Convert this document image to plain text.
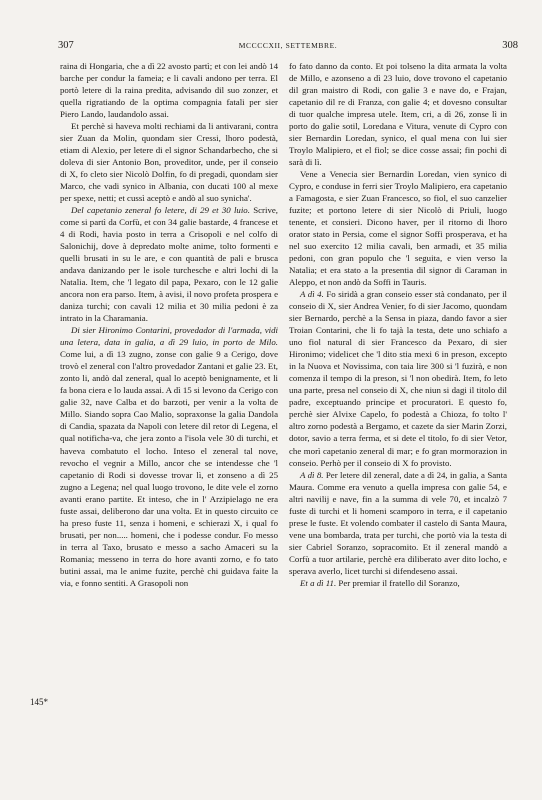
307	MCCCCXII, SETTEMBRE.	308

raina di Hongaria, che a dì 22 avosto partì; et con lei andò 14 barche per condur la fameia; e li cavali andono per terra. El portò letere di la raina predita, advisando dil suo zonzer, et quella rigratiando de la optima compagnia fatali per sier Piero Lando, laudandolo assai.

Et perchè si haveva molti rechiami da li antivarani, contra sier Zuan da Molin, quondam sier Cressi, lhoro podestà, etiam di Alexio, per letere di el signor Schandarbecho, che si doleva di sier Antonio Bon, proveditor, unde, per il conseio di X, fo cleto sier Nicolò Dolfin, fo di pregadi, quondam sier Marco, che vadi synico in Albania, con ducati 100 al mexe per spexe, netti; et cussì aceptò e andò al suo synicha'.

Del capetanio zeneral fo letere, di 29 et 30 luio. Scrive, come si partì da Corfù, et con 34 galie bastarde, 4 francese et 4 di Rodi, havia posto in terra a Crisopoli e nel colfo di Salonichij, dove à depredato molte anime, tolto formenti e quelli brusati in su le are, e con quantità de pali e brusca andava danizando per le isole turchesche e altri lochi di la Natalia. Item, che 'l legato dil papa, Pexaro, con le 12 galie ancora non era parso. Item, à avisi, il novo profeta prospera e daniza turchi; con cavali 12 milia et 30 milia pedoni è za intrato in la Charamania.

Di sier Hironimo Contarini, provedador di l'armada, vidi una letera, data in galia, a dì 29 luio, in porto de Milo. Come lui, a dì 13 zugno, zonse con galie 9 a Cerigo, dove trovò el zeneral con l'altro provedador Zantani et galie 23. Et, zonto li, andò dal zeneral, qual lo aceptò benignamente, et li fa bona ciera e lo lauda assai. A dì 15 si levono da Cerigo con galie 32, nave Calba et do barzoti, per venir a la volta de Millo. Siando sopra Cao Malio, sopraxonse la galia Dandola di Candia, spazata da Napoli con letere dil retor di Legena, el qual notificha-va, che jera zonto a l'isola vele 30 di turchi, et haveva combatuto el locho. Inteso el zeneral tal nove, revocho el vegnir a Millo, ancor che se intendesse che 'l capetanio di Rodi si dovesse trovar lì, et zonseno a dì 25 zugno a Legena; nel qual luogo trovono, le dite vele el zorno avanti erano partite. Et inteso, che in l' Arzipielago ne era fuste assai, deliberono dar una volta. Et in questo circuito ce ha preso fuste 11, senza i homeni, e schierazi X, i qual fo brusati, per non..... homeni, che i podesse condur. Fo messo in terra al Taxo, brusato e messo a sacho Amaceri su la Romania; messeno in terra do hore avanti zorno, e fo tato butini assai, ma le anime fuzite, perchè chi guidava faite la via, e fonno sentiti. A Grasopoli non

fo fato danno da conto. Et poi tolseno la dita armata la volta de Millo, e azonseno a dì 23 luio, dove trovono el capetanio dil gran maistro di Rodi, con galie 3 e nave do, e Frajan, capetanio dil re di Franza, con galie 4; et dovesno consultar di tuor qualche impresa utele. Item, cri, a dì 26, zonse lì in porto do galie sotil, Loredana e Vitura, venute di Cypro con sier Bernardin Loredan, synico, el qual mena con lui sier Troylo Malipiero, et el fiol; se dice cosse assai; fin pochi dì sarà di lì.

Vene a Venecia sier Bernardin Loredan, vien synico di Cypro, e conduse in ferri sier Troylo Malipiero, era capetanio a Famagosta, e sier Zuan Francesco, so fiol, el suo canzelier fuzite; et portono letere di sier Nicolò di Priuli, luogo tenente, et consieri. Dicono haver, per il ritorno di lhoro orator stato in Persia, come el signor Soffi prosperava, et ha nel suo exercito 12 milia cavali, ben armadi, et 35 milia pedoni, con gran populo che 'l seguita, e vien verso la Natalia; et era stato a la presentia dil signor di Caraman in Aleppo, et non andò da Soffi in Tauris.

A dì 4. Fo siridà a gran conseio esser stà condanato, per il conseio di X, sier Andrea Venier, fo di sier Jacomo, quondam sier Bernardo, perchè a la Sensa in piaza, dando favor a sier Troian Contarini, che li fo tajà la testa, dete uno schiafo a uno fiol natural di sier Francesco da Pexaro, di sier Hironimo; videlicet che 'l dito stia mexi 6 in preson, excepto in la Nuova et Novissima, con taia lire 300 si 'l fuzirà, e non comenza il tempo di la preson, si 'l non obedirà. Item, fo leto una parte, presa nel conseio di X, che niun si dagi il titolo dil padre, exceptuando principe et procuratori. E questo fo, perchè sier Alvixe Capelo, fo podestà a Chioza, fo tolto l' altro zorno podestà a Bergamo, et cazete da sier Marin Zorzi, dotor, savio a terra ferma, et si dete el titolo, fo di sier Vetor, che morì capetanio zeneral di mar; e fo gran mormorazion in conseio. Perhò per il conseio di X fo provisto.

A dì 8. Per letere dil zeneral, date a dì 24, in galia, a Santa Maura. Comme era venuto a quella impresa con galie 54, e altri navilij e nave, fin a la summa di vele 70, et incalzò 7 fuste di turchi et li homeni scamporo in terra, e il capetanio prese le fuste. Et volendo combater il castelo di Santa Maura, vene una bombarda, trata per turchi, che portò via la testa di sier Cabriel Soranzo, sopracomito. Et il zeneral mandò a Corfù a tuor artilarie, perchè era diliberato aver dito locho, e sperava averlo, licet turchi si difendeseno assai.

Et a dì 11. Per premiar il fratello dil Soranzo,

145*
